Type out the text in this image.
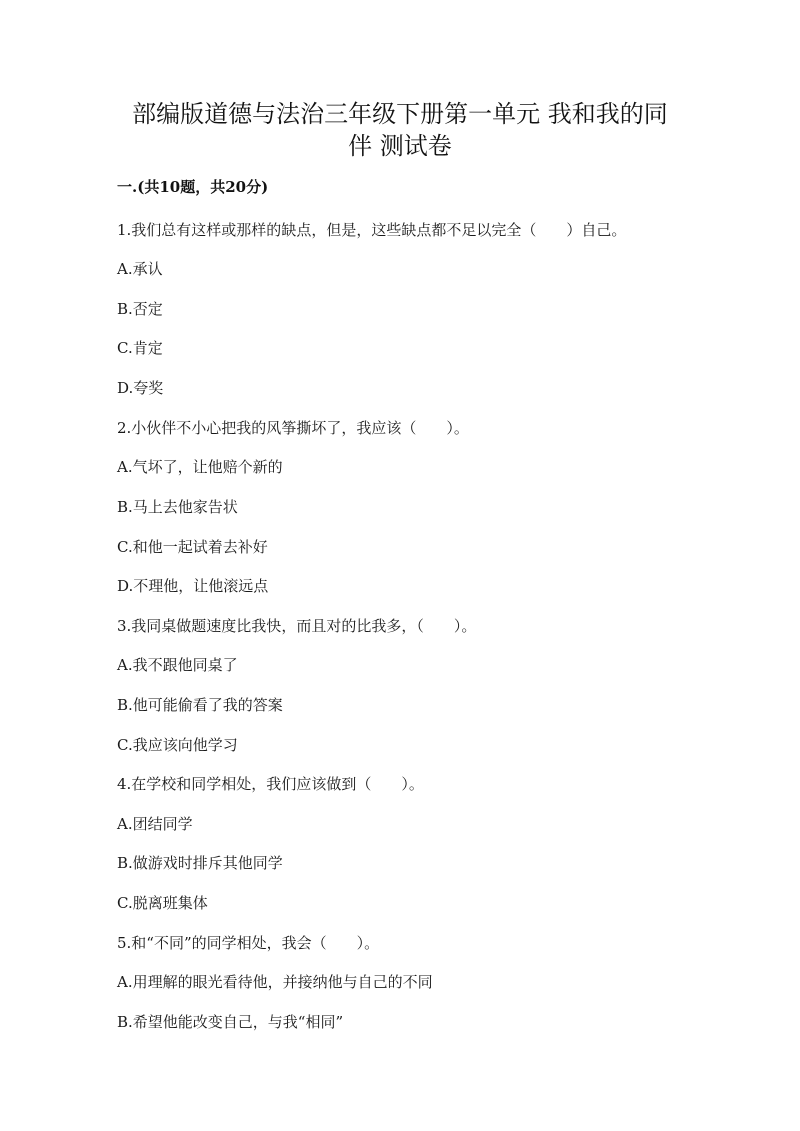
部编版道德与法治三年级下册第一单元 我和我的同
伴 测试卷
一.(共10题，共20分)
1.我们总有这样或那样的缺点，但是，这些缺点都不足以完全（　　）自己。
A.承认
B.否定
C.肯定
D.夸奖
2.小伙伴不小心把我的风筝撕坏了，我应该（　　）。
A.气坏了，让他赔个新的
B.马上去他家告状
C.和他一起试着去补好
D.不理他，让他滚远点
3.我同桌做题速度比我快，而且对的比我多，（　　）。
A.我不跟他同桌了
B.他可能偷看了我的答案
C.我应该向他学习
4.在学校和同学相处，我们应该做到（　　）。
A.团结同学
B.做游戏时排斥其他同学
C.脱离班集体
5.和“不同”的同学相处，我会（　　）。
A.用理解的眼光看待他，并接纳他与自己的不同
B.希望他能改变自己，与我“相同”
